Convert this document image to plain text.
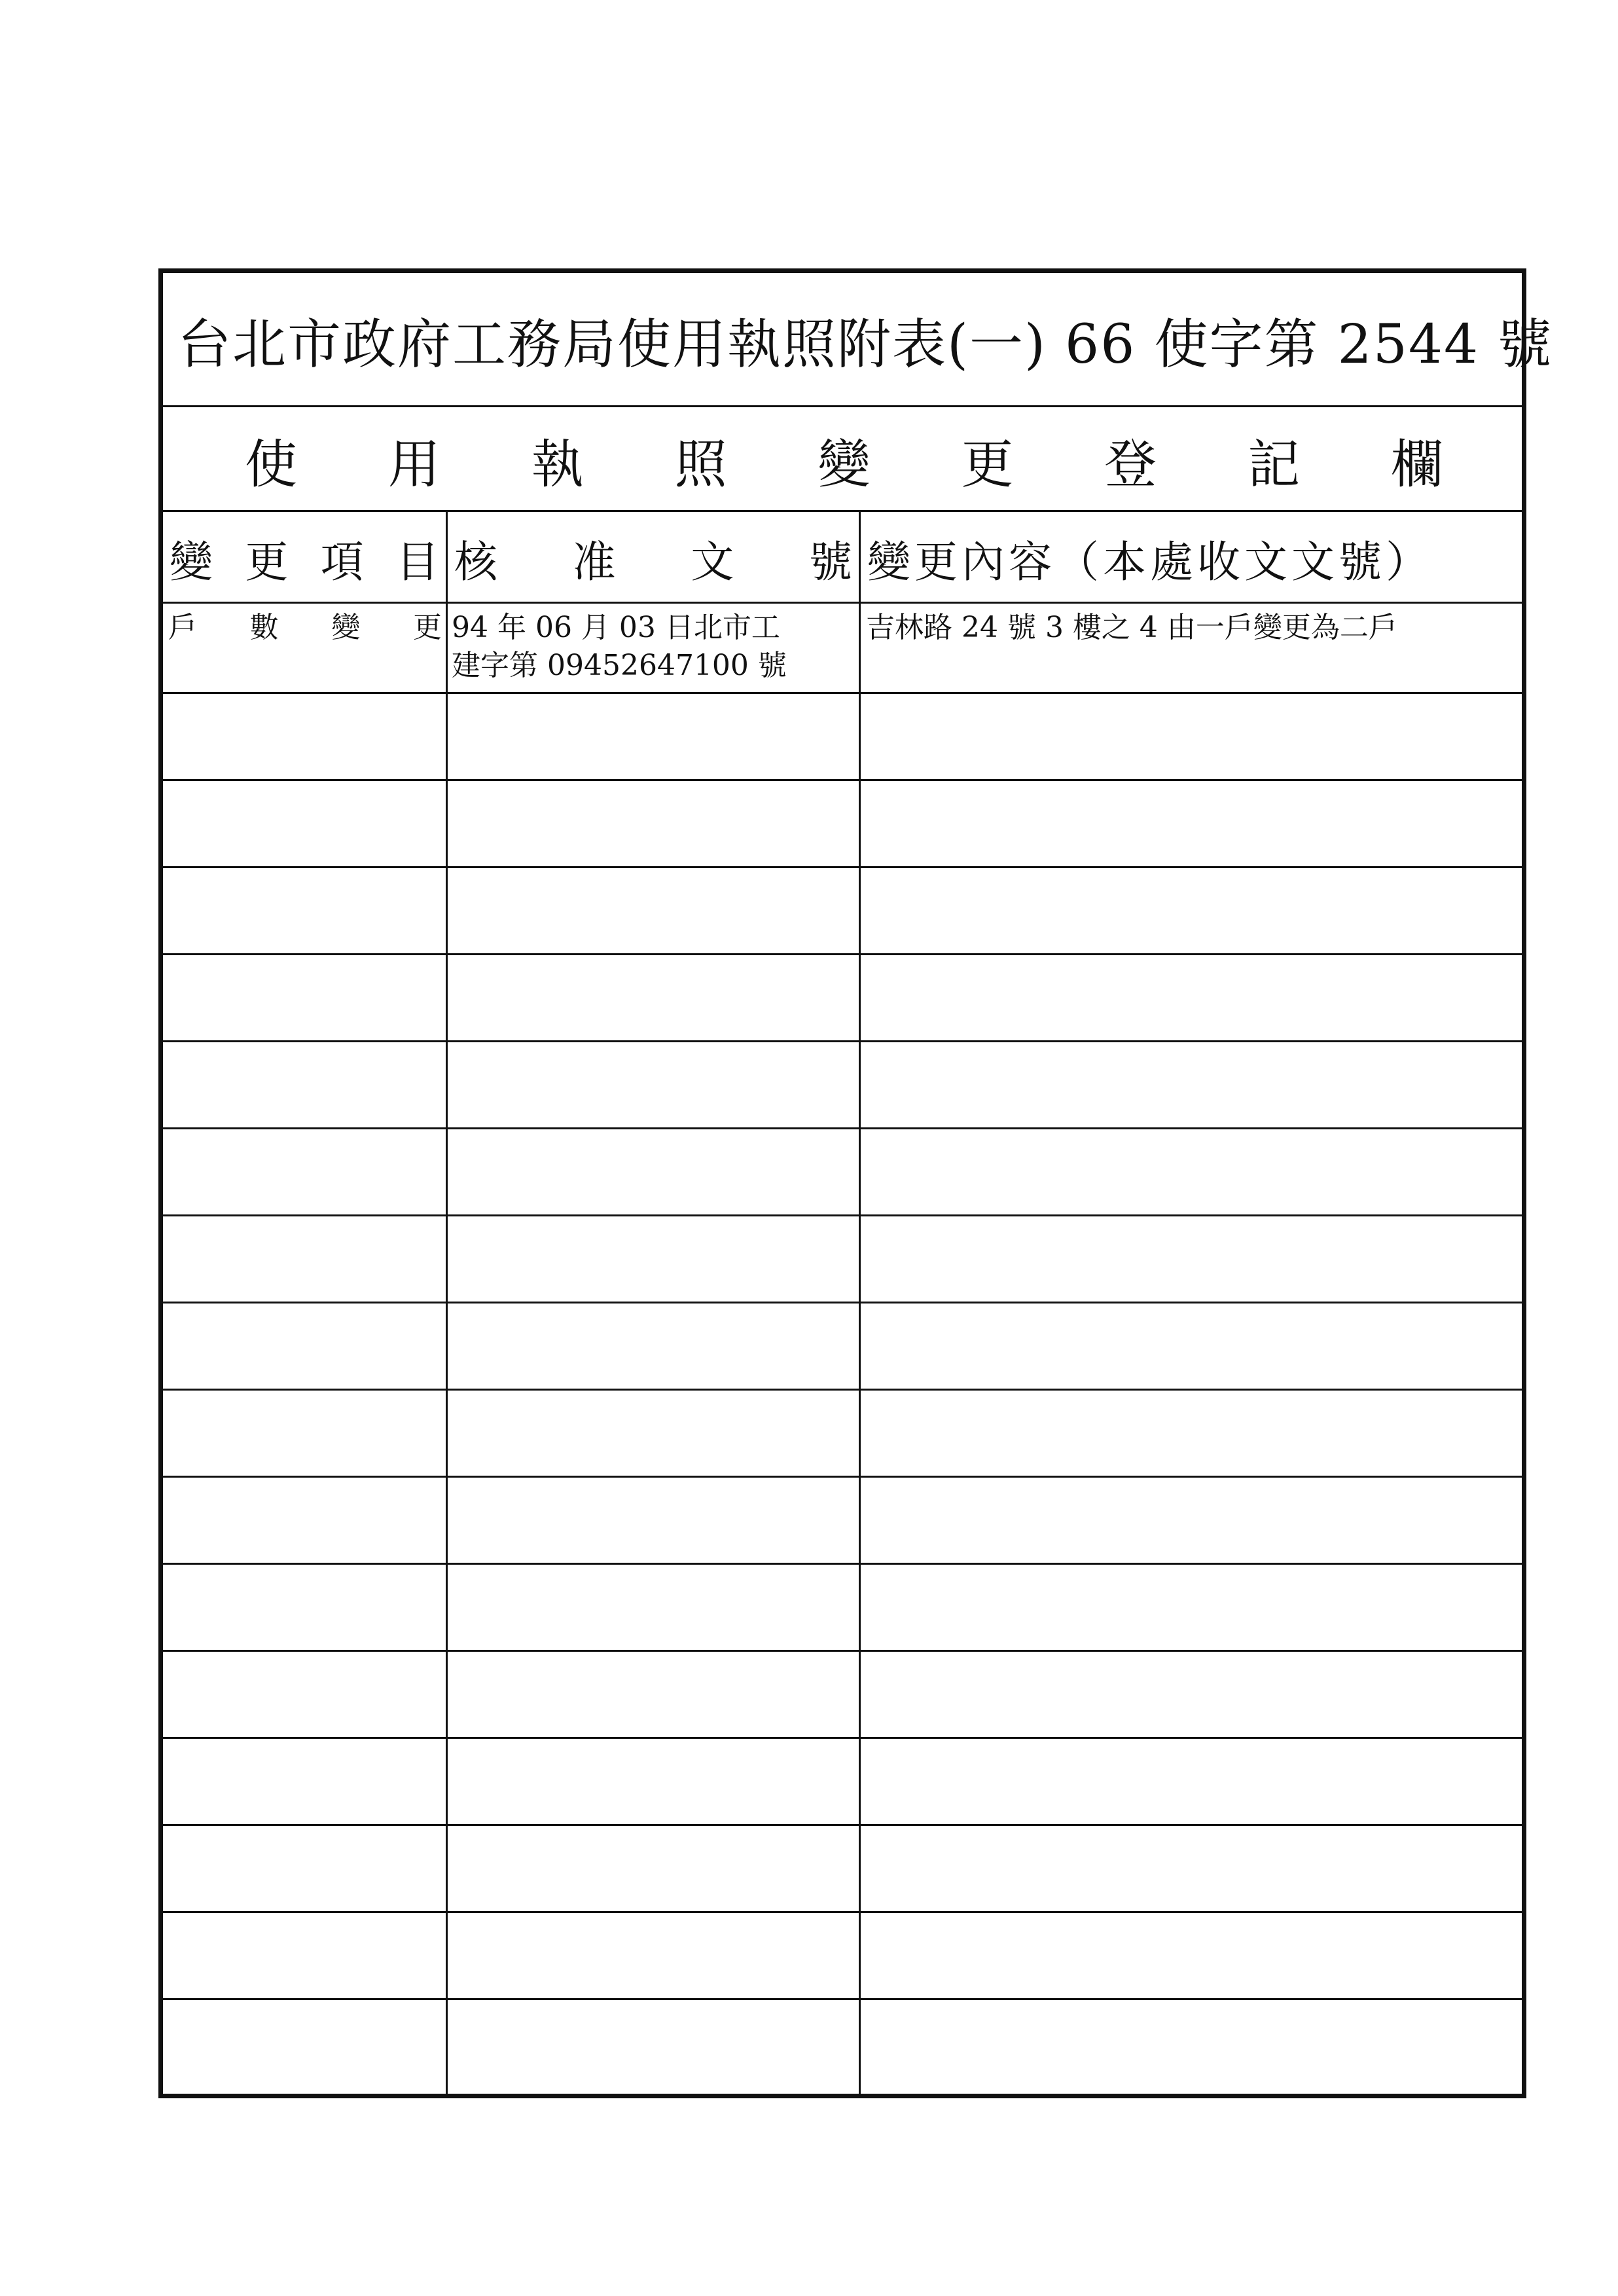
台北市政府工務局使用執照附表(一) 66 使字第 2544 號
使 用 執 照 變 更 登 記 欄
變 更 項 目 核 准 文 號 變更內容（本處收文文號）
戶 數 變 更 94 年 06 月 03 日北市工
建字第 09452647100 號
吉林路 24 號 3 樓之 4 由一戶變更為二戶
